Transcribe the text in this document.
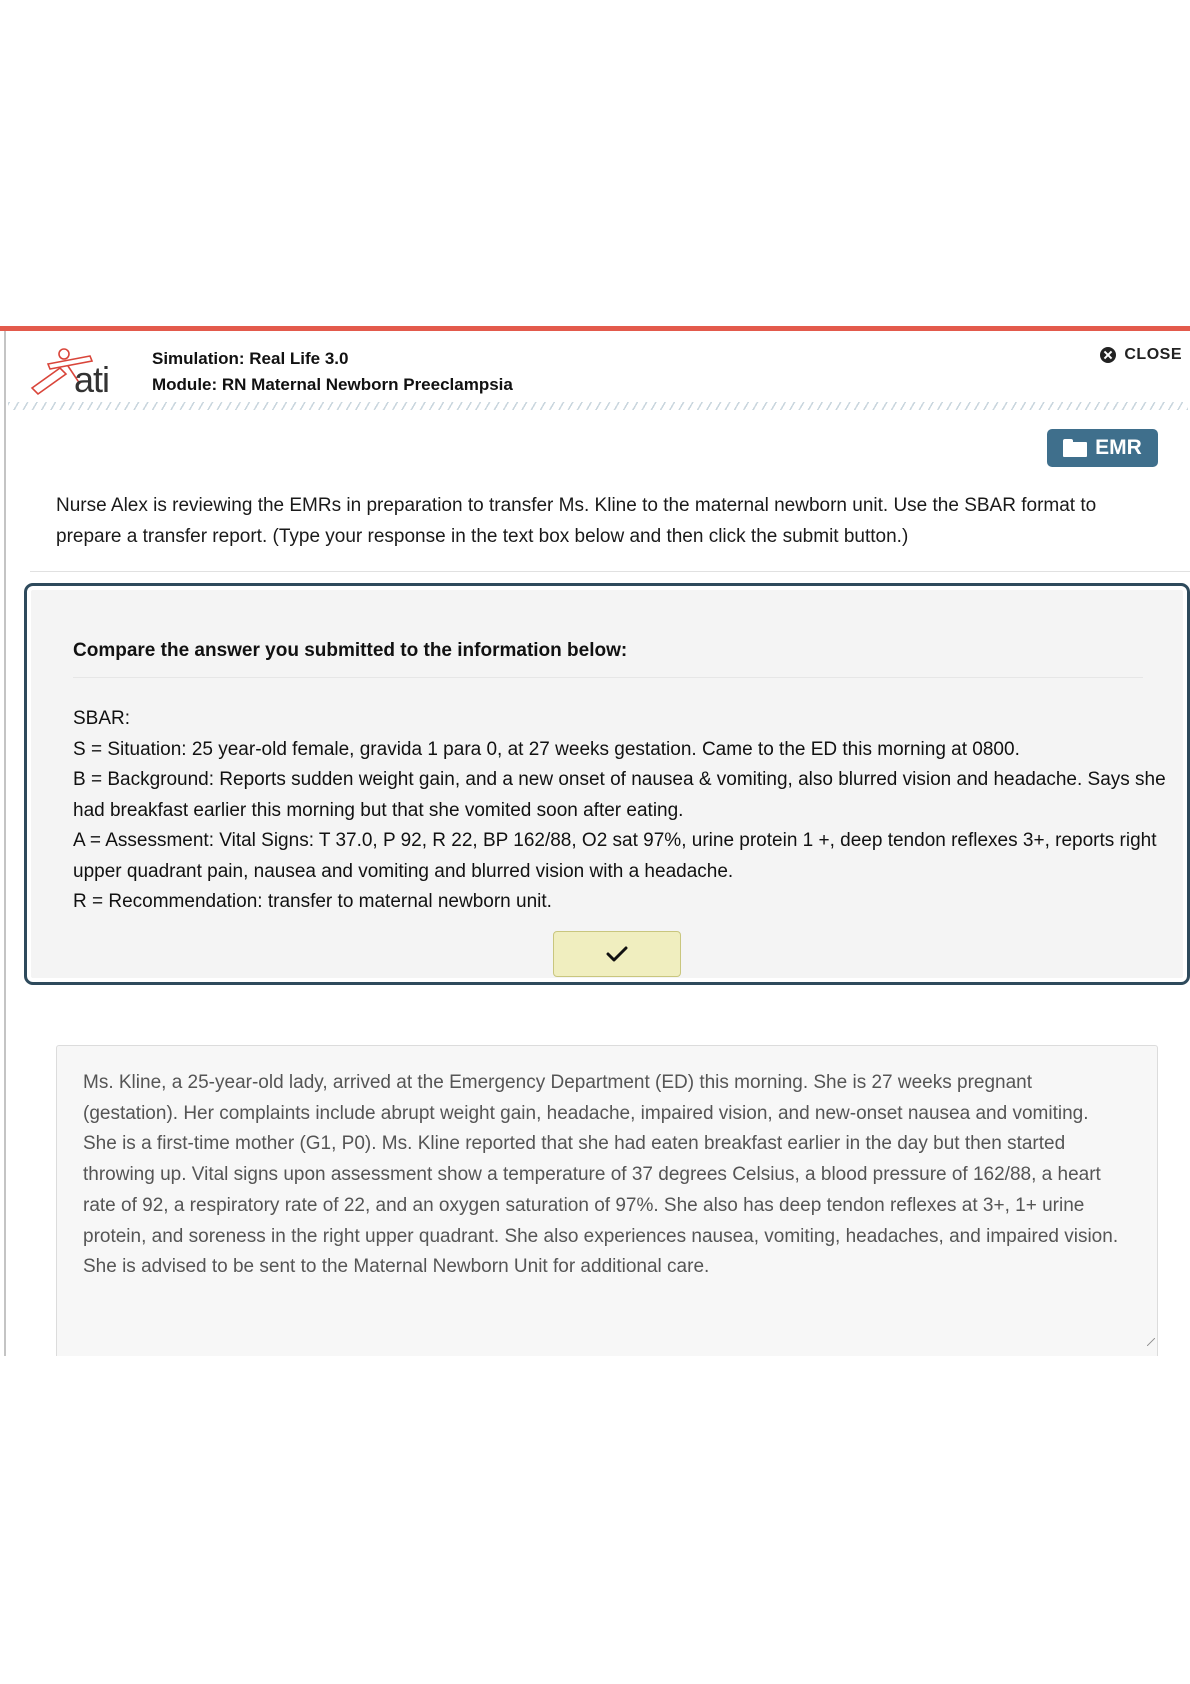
ati
Simulation: Real Life 3.0
Module: RN Maternal Newborn Preeclampsia
CLOSE
EMR
Nurse Alex is reviewing the EMRs in preparation to transfer Ms. Kline to the maternal newborn unit. Use the SBAR format to prepare a transfer report. (Type your response in the text box below and then click the submit button.)
Compare the answer you submitted to the information below:
SBAR:
S = Situation: 25 year-old female, gravida 1 para 0, at 27 weeks gestation. Came to the ED this morning at 0800.
B = Background: Reports sudden weight gain, and a new onset of nausea & vomiting, also blurred vision and headache. Says she had breakfast earlier this morning but that she vomited soon after eating.
A = Assessment: Vital Signs: T 37.0, P 92, R 22, BP 162/88, O2 sat 97%, urine protein 1 +, deep tendon reflexes 3+, reports right upper quadrant pain, nausea and vomiting and blurred vision with a headache.
R = Recommendation: transfer to maternal newborn unit.
Ms. Kline, a 25-year-old lady, arrived at the Emergency Department (ED) this morning. She is 27 weeks pregnant (gestation). Her complaints include abrupt weight gain, headache, impaired vision, and new-onset nausea and vomiting. She is a first-time mother (G1, P0). Ms. Kline reported that she had eaten breakfast earlier in the day but then started throwing up. Vital signs upon assessment show a temperature of 37 degrees Celsius, a blood pressure of 162/88, a heart rate of 92, a respiratory rate of 22, and an oxygen saturation of 97%. She also has deep tendon reflexes at 3+, 1+ urine protein, and soreness in the right upper quadrant. She also experiences nausea, vomiting, headaches, and impaired vision. She is advised to be sent to the Maternal Newborn Unit for additional care.
